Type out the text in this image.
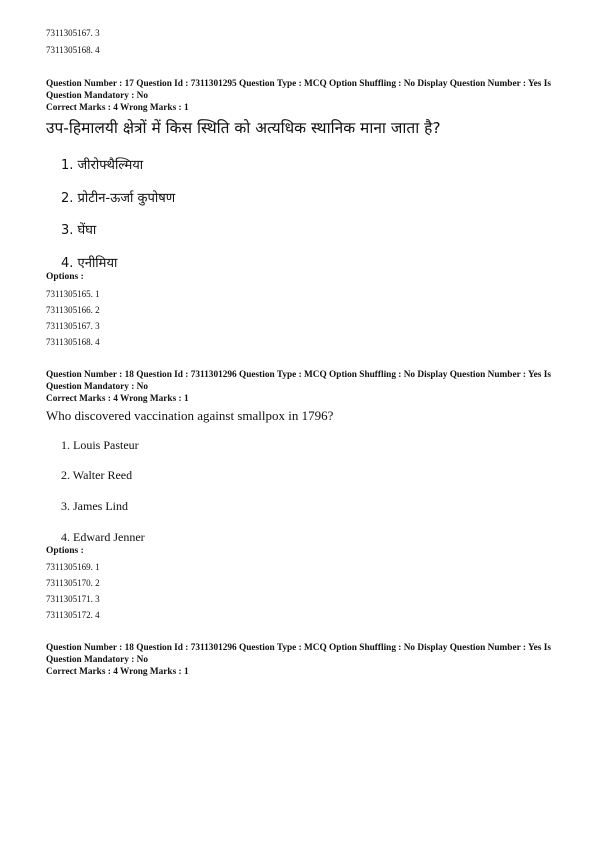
7311305167. 3
7311305168. 4
Question Number : 17 Question Id : 7311301295 Question Type : MCQ Option Shuffling : No Display Question Number : Yes Is Question Mandatory : No
Correct Marks : 4 Wrong Marks : 1
उप-हिमालयी क्षेत्रों में किस स्थिति को अत्यधिक स्थानिक माना जाता है?
1. जीरोफ्थैल्मिया
2. प्रोटीन-ऊर्जा कुपोषण
3. घेंघा
4. एनीमिया
Options :
7311305165. 1
7311305166. 2
7311305167. 3
7311305168. 4
Question Number : 18 Question Id : 7311301296 Question Type : MCQ Option Shuffling : No Display Question Number : Yes Is Question Mandatory : No
Correct Marks : 4 Wrong Marks : 1
Who discovered vaccination against smallpox in 1796?
1. Louis Pasteur
2. Walter Reed
3. James Lind
4. Edward Jenner
Options :
7311305169. 1
7311305170. 2
7311305171. 3
7311305172. 4
Question Number : 18 Question Id : 7311301296 Question Type : MCQ Option Shuffling : No Display Question Number : Yes Is Question Mandatory : No
Correct Marks : 4 Wrong Marks : 1
